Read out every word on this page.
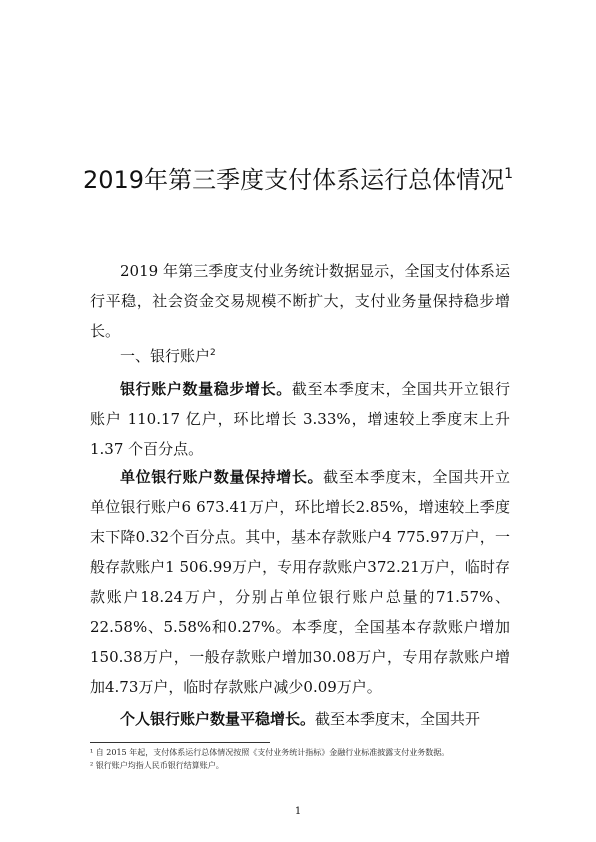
2019年第三季度支付体系运行总体情况$^1$
2019 年第三季度支付业务统计数据显示，全国支付体系运行平稳，社会资金交易规模不断扩大，支付业务量保持稳步增长。
一、银行账户$^2$
银行账户数量稳步增长。截至本季度末，全国共开立银行账户 110.17 亿户，环比增长 3.33%，增速较上季度末上升 1.37 个百分点。
单位银行账户数量保持增长。截至本季度末，全国共开立单位银行账户6 673.41万户，环比增长2.85%，增速较上季度末下降0.32个百分点。其中，基本存款账户4 775.97万户，一般存款账户1 506.99万户，专用存款账户372.21万户，临时存款账户18.24万户，分别占单位银行账户总量的71.57%、22.58%、5.58%和0.27%。本季度，全国基本存款账户增加150.38万户，一般存款账户增加30.08万户，专用存款账户增加4.73万户，临时存款账户减少0.09万户。
个人银行账户数量平稳增长。截至本季度末，全国共开
¹ 自 2015 年起，支付体系运行总体情况按照《支付业务统计指标》金融行业标准披露支付业务数据。
² 银行账户均指人民币银行结算账户。
1
